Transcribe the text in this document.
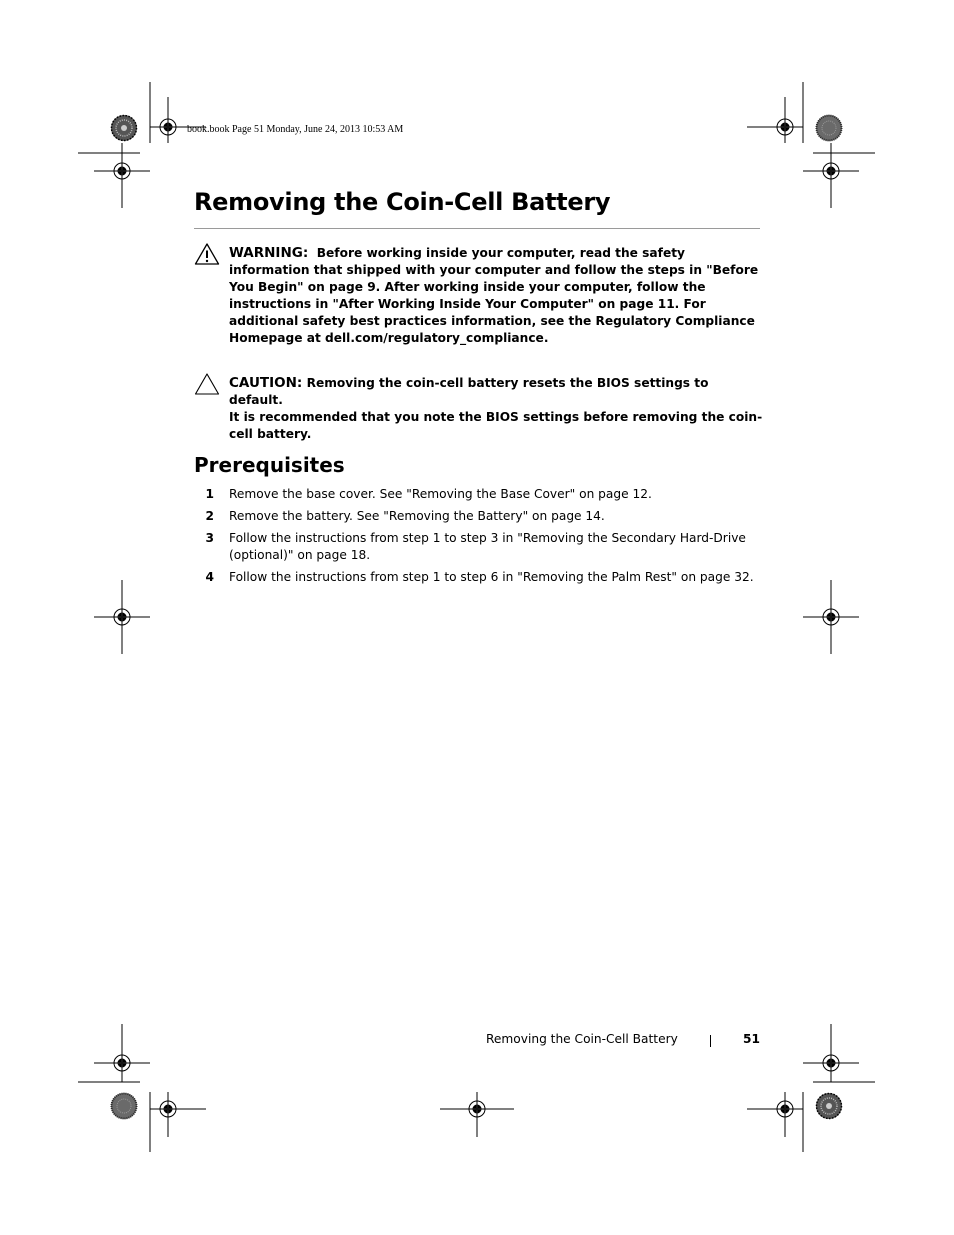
book.book Page 51 Monday, June 24, 2013 10:53 AM
Removing the Coin-Cell Battery

WARNING: Before working inside your computer, read the safety information that shipped with your computer and follow the steps in "Before You Begin" on page 9. After working inside your computer, follow the instructions in "After Working Inside Your Computer" on page 11. For additional safety best practices information, see the Regulatory Compliance Homepage at dell.com/regulatory_compliance.

CAUTION: Removing the coin-cell battery resets the BIOS settings to default.

It is recommended that you note the BIOS settings before removing the coin-cell battery.

Prerequisites
1 Remove the base cover. See "Removing the Base Cover" on page 12.
2 Remove the battery. See "Removing the Battery" on page 14.
3 Follow the instructions from step 1 to step 3 in "Removing the Secondary Hard-Drive (optional)" on page 18.
4 Follow the instructions from step 1 to step 6 in "Removing the Palm Rest" on page 32.
Removing the Coin-Cell Battery	51
